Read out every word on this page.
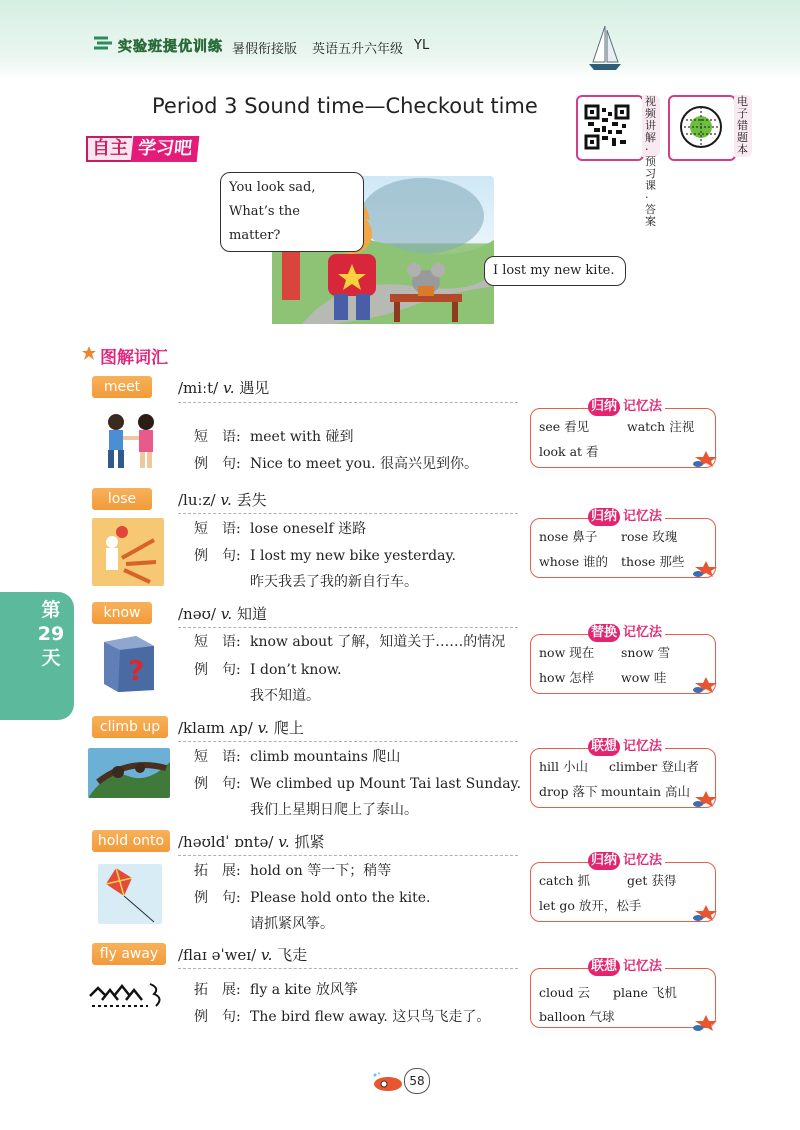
实验班提优训练 暑假衔接版 英语五升六年级 YL
Period 3 Sound time—Checkout time	视频讲解·预习课·答案
电子错题本
自主 学习吧
You look sad,
What’s the matter?
I lost my new kite.
图解词汇
第29天
meet	/miːt/ v. 遇见
短　语: meet with 碰到
例　句: Nice to meet you. 很高兴见到你。
归纳 记忆法
see 看见	watch 注视
look at 看
lose	/luːz/ v. 丢失
短　语: lose oneself 迷路
例　句: I lost my new bike yesterday.
昨天我丢了我的新自行车。
归纳 记忆法
nose 鼻子 rose 玫瑰
whose 谁的 those 那些
know	/nəʊ/ v. 知道
?
短　语: know about 了解，知道关于……的情况
例　句: I don’t know.
我不知道。
替换 记忆法
now 现在 snow 雪
how 怎样 wow 哇
climb up	/klaɪm ʌp/ v. 爬上
短　语: climb mountains 爬山
例　句: We climbed up Mount Tai last Sunday.
我们上星期日爬上了泰山。
联想 记忆法
hill 小山 climber 登山者
drop 落下 mountain 高山
hold onto /həʊldˈ ɒntə/ v. 抓紧
拓　展: hold on 等一下；稍等
例　句: Please hold onto the kite.
请抓紧风筝。
归纳 记忆法
catch 抓	get 获得
let go 放开，松手
fly away	/flaɪ əˈweɪ/ v. 飞走
拓　展: fly a kite 放风筝
例　句: The bird flew away. 这只鸟飞走了。
联想 记忆法
cloud 云 plane 飞机
balloon 气球
58
